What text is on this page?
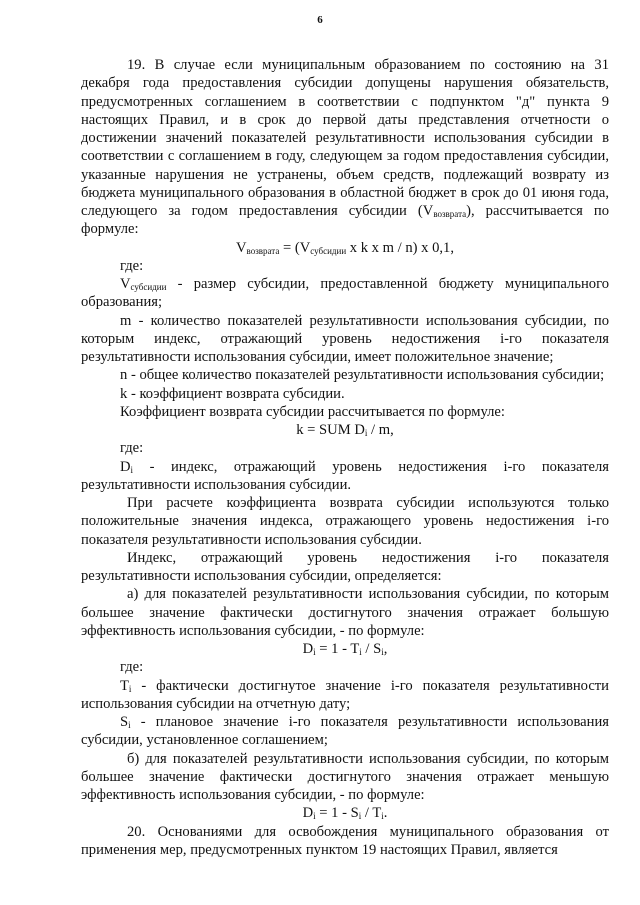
6

19. В случае если муниципальным образованием по состоянию на 31 декабря года предоставления субсидии допущены нарушения обязательств, предусмотренных соглашением в соответствии с подпунктом "д" пункта 9 настоящих Правил, и в срок до первой даты представления отчетности о достижении значений показателей результативности использования субсидии в соответствии с соглашением в году, следующем за годом предоставления субсидии, указанные нарушения не устранены, объем средств, подлежащий возврату из бюджета муниципального образования в областной бюджет в срок до 01 июня года, следующего за годом предоставления субсидии $(V_{возврата})$, рассчитывается по формуле:

$V_{возврата} = (V_{субсидии}$ x k x m / n) x 0,1,

где:

$V_{субсидии}$ - размер субсидии, предоставленной бюджету муниципального образования;

m - количество показателей результативности использования субсидии, по которым индекс, отражающий уровень недостижения i-го показателя результативности использования субсидии, имеет положительное значение;

n - общее количество показателей результативности использования субсидии;

k - коэффициент возврата субсидии.

Коэффициент возврата субсидии рассчитывается по формуле:

k = SUM $D_i$ / m,

где:

$D_i$ - индекс, отражающий уровень недостижения i-го показателя результативности использования субсидии.

При расчете коэффициента возврата субсидии используются только положительные значения индекса, отражающего уровень недостижения i-го показателя результативности использования субсидии.

Индекс, отражающий уровень недостижения i-го показателя результативности использования субсидии, определяется:

а) для показателей результативности использования субсидии, по которым большее значение фактически достигнутого значения отражает большую эффективность использования субсидии, - по формуле:

$D_i = 1 - T_i / S_i$,

где:

$T_i$ - фактически достигнутое значение i-го показателя результативности использования субсидии на отчетную дату;

$S_i$ - плановое значение i-го показателя результативности использования субсидии, установленное соглашением;

б) для показателей результативности использования субсидии, по которым большее значение фактически достигнутого значения отражает меньшую эффективность использования субсидии, - по формуле:

$D_i = 1 - S_i / T_i$.

20. Основаниями для освобождения муниципального образования от применения мер, предусмотренных пунктом 19 настоящих Правил, является
